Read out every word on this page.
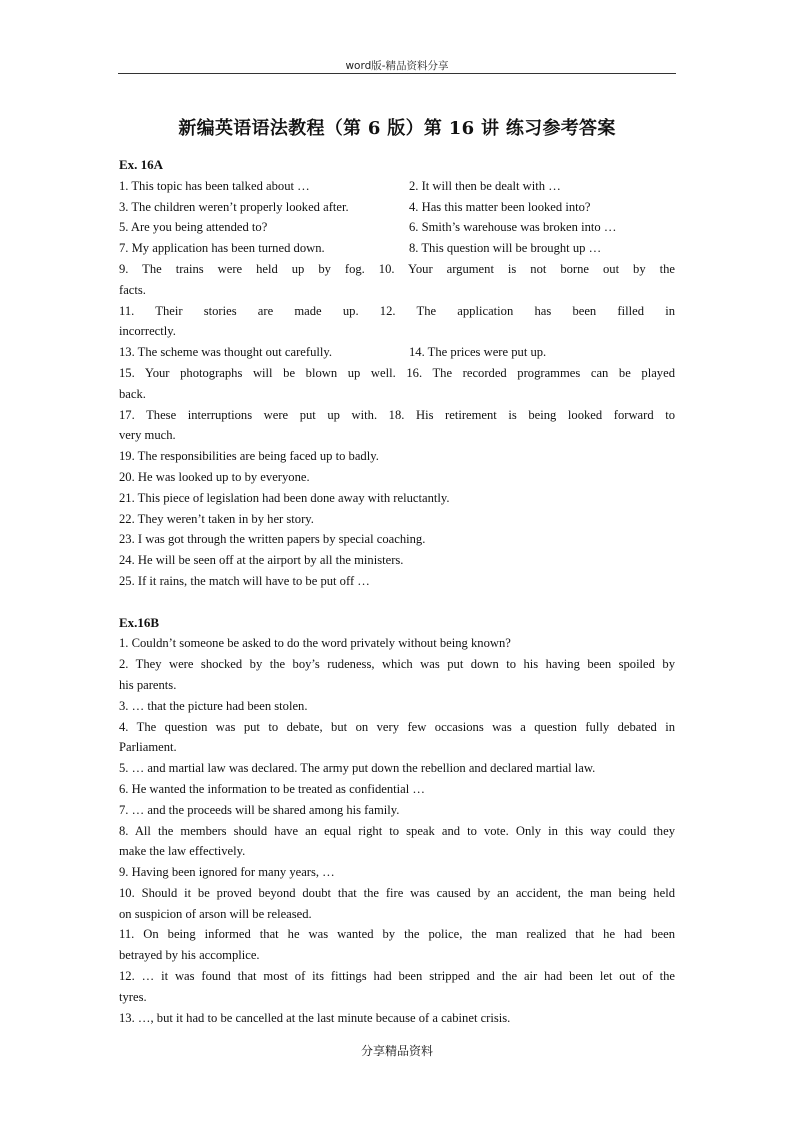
word版-精品资料分享
新编英语语法教程（第 6 版）第 16 讲 练习参考答案
Ex. 16A
1. This topic has been talked about …	2. It will then be dealt with …
3. The children weren’t properly looked after.	4. Has this matter been looked into?
5. Are you being attended to?	6. Smith’s warehouse was broken into …
7. My application has been turned down.	8. This question will be brought up …
9. The trains were held up by fog. 10. Your argument is not borne out by the
facts.
11. Their stories are made up. 12. The application has been filled in
incorrectly.
13. The scheme was thought out carefully.	14. The prices were put up.
15. Your photographs will be blown up well. 16. The recorded programmes can be played
back.
17. These interruptions were put up with. 18. His retirement is being looked forward to
very much.
19. The responsibilities are being faced up to badly.
20. He was looked up to by everyone.
21. This piece of legislation had been done away with reluctantly.
22. They weren’t taken in by her story.
23. I was got through the written papers by special coaching.
24. He will be seen off at the airport by all the ministers.
25. If it rains, the match will have to be put off …
Ex.16B
1. Couldn’t someone be asked to do the word privately without being known?
2. They were shocked by the boy’s rudeness, which was put down to his having been spoiled by
his parents.
3. … that the picture had been stolen.
4. The question was put to debate, but on very few occasions was a question fully debated in
Parliament.
5. … and martial law was declared. The army put down the rebellion and declared martial law.
6. He wanted the information to be treated as confidential …
7. … and the proceeds will be shared among his family.
8. All the members should have an equal right to speak and to vote. Only in this way could they
make the law effectively.
9. Having been ignored for many years, …
10. Should it be proved beyond doubt that the fire was caused by an accident, the man being held
on suspicion of arson will be released.
11. On being informed that he was wanted by the police, the man realized that he had been
betrayed by his accomplice.
12. … it was found that most of its fittings had been stripped and the air had been let out of the
tyres.
13. …, but it had to be cancelled at the last minute because of a cabinet crisis.
分享精品资料
